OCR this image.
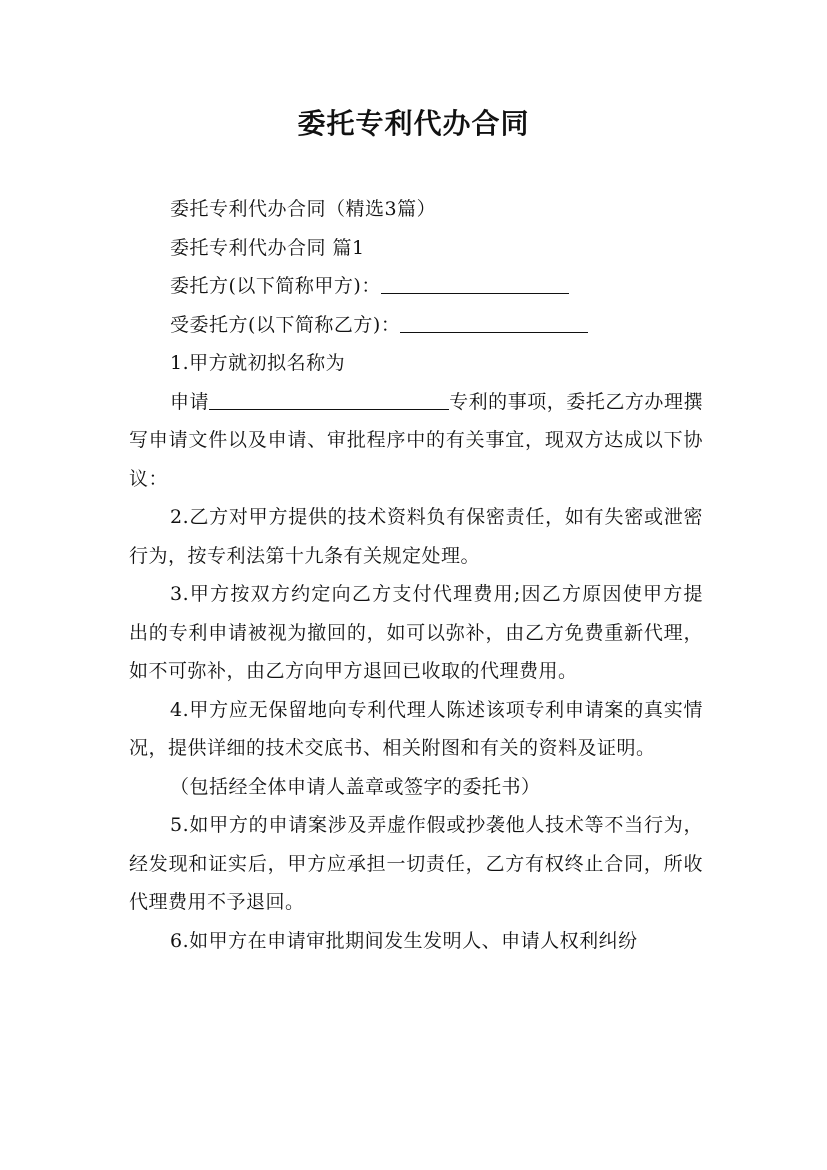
委托专利代办合同

委托专利代办合同（精选3篇）

委托专利代办合同 篇1

委托方(以下简称甲方)：

受委托方(以下简称乙方)：

1.甲方就初拟名称为

申请	专利的事项，委托乙方办理撰写申请文件以及申请、审批程序中的有关事宜，现双方达成以下协议：

2.乙方对甲方提供的技术资料负有保密责任，如有失密或泄密行为，按专利法第十九条有关规定处理。

3.甲方按双方约定向乙方支付代理费用;因乙方原因使甲方提出的专利申请被视为撤回的，如可以弥补，由乙方免费重新代理，如不可弥补，由乙方向甲方退回已收取的代理费用。

4.甲方应无保留地向专利代理人陈述该项专利申请案的真实情况，提供详细的技术交底书、相关附图和有关的资料及证明。

（包括经全体申请人盖章或签字的委托书）

5.如甲方的申请案涉及弄虚作假或抄袭他人技术等不当行为，经发现和证实后，甲方应承担一切责任，乙方有权终止合同，所收代理费用不予退回。

6.如甲方在申请审批期间发生发明人、申请人权利纠纷
